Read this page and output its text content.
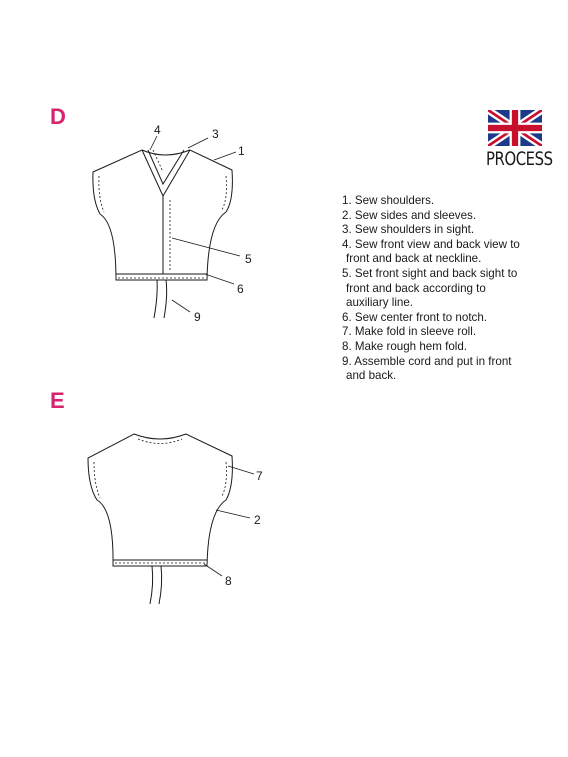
D
E
PROCESS
4	3
1
5
6
9
7
2
8
1. Sew shoulders.
2. Sew sides and sleeves.
3. Sew shoulders in sight.
4. Sew front view and back view to
front and back at neckline.
5. Set front sight and back sight to
front and back according to
auxiliary line.
6. Sew center front to notch.
7. Make fold in sleeve roll.
8. Make rough hem fold.
9. Assemble cord and put in front
and back.
